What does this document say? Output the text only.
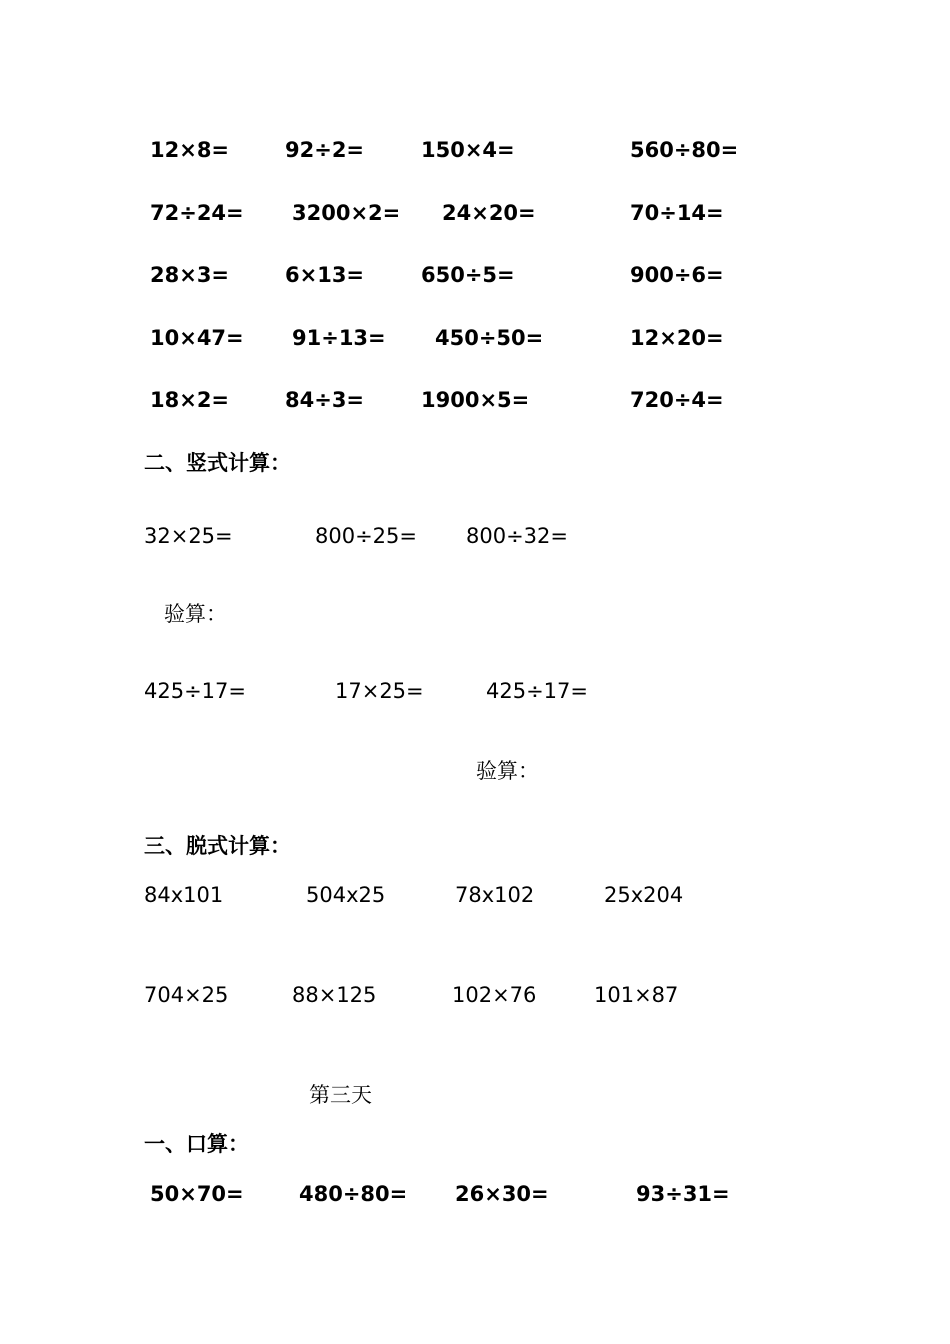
12×8=	92÷2=	150×4=	560÷80=
72÷24= 3200×2= 24×20=	70÷14=
28×3=	6×13=	650÷5=	900÷6=
10×47= 91÷13= 450÷50=	12×20=
18×2=	84÷3=	1900×5=	720÷4=
二、竖式计算：
32×25=	800÷25= 800÷32=
验算：
425÷17=	17×25=	425÷17=
验算：
三、脱式计算：
84x101	504x25	78x102	25x204
704×25	88×125	102×76	101×87
第三天
一、口算：
50×70=	480÷80= 26×30=	93÷31=
